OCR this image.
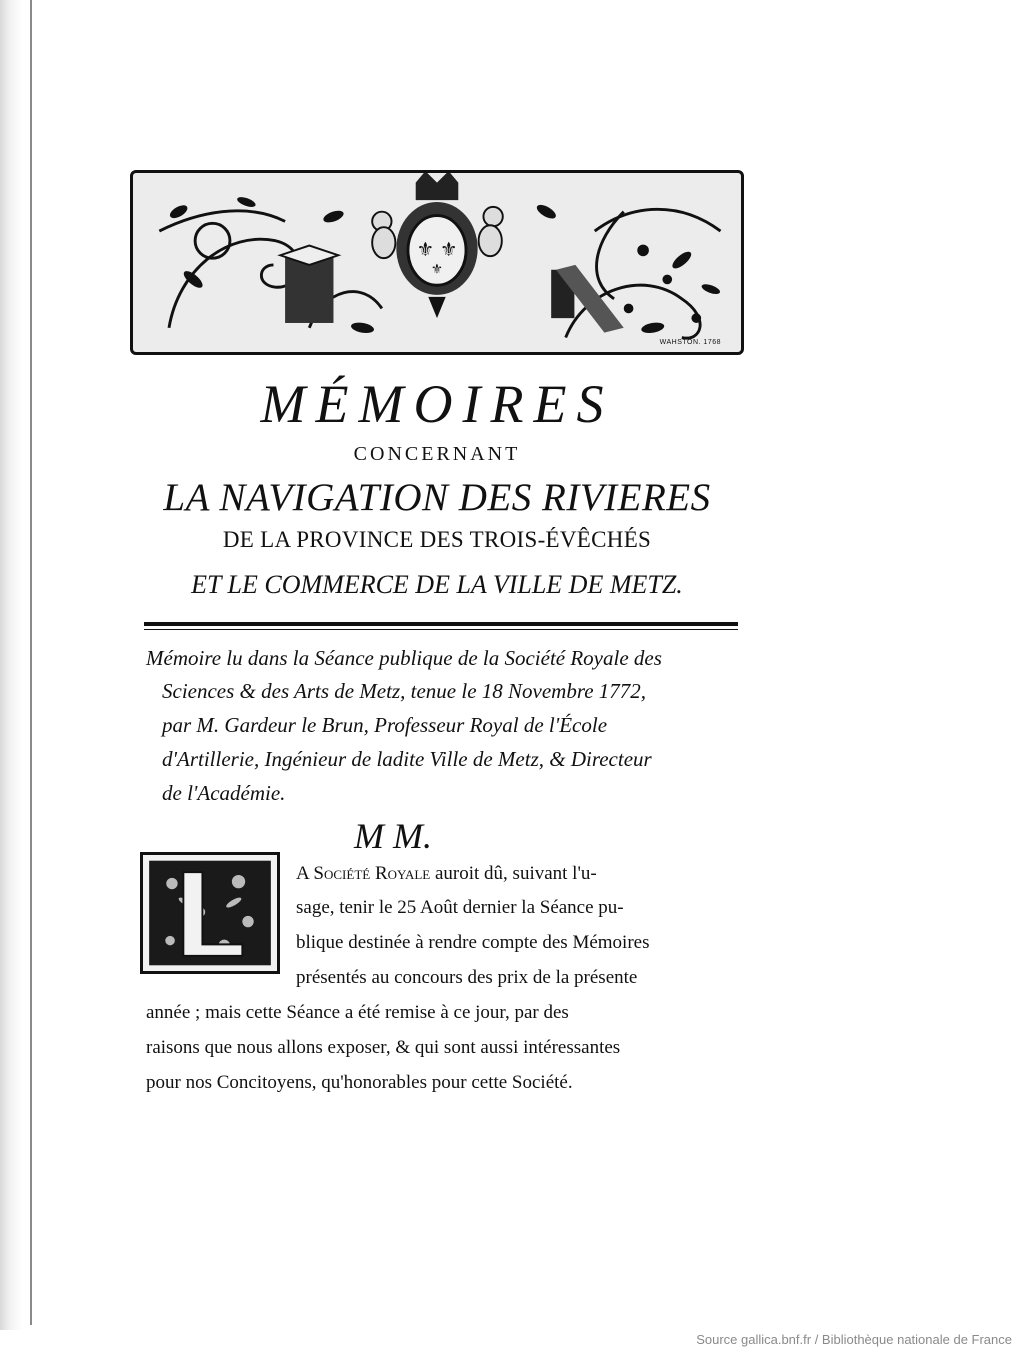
⚜ ⚜
⚜
WAHSTON. 1768
MÉMOIRES
CONCERNANT
LA NAVIGATION DES RIVIERES
DE LA PROVINCE DES TROIS-ÉVÊCHÉS
ET LE COMMERCE DE LA VILLE DE METZ.
Mémoire lu dans la Séance publique de la Société Royale des
Sciences & des Arts de Metz, tenue le 18 Novembre 1772,
par M. Gardeur le Brun, Professeur Royal de l'École
d'Artillerie, Ingénieur de ladite Ville de Metz, & Directeur
de l'Académie.
M M.
A Société Royale auroit dû, suivant l'u-
sage, tenir le 25 Août dernier la Séance pu-
blique destinée à rendre compte des Mémoires
présentés au concours des prix de la présente
année ; mais cette Séance a été remise à ce jour, par des
raisons que nous allons exposer, & qui sont aussi intéressantes
pour nos Concitoyens, qu'honorables pour cette Société.
Source gallica.bnf.fr / Bibliothèque nationale de France
